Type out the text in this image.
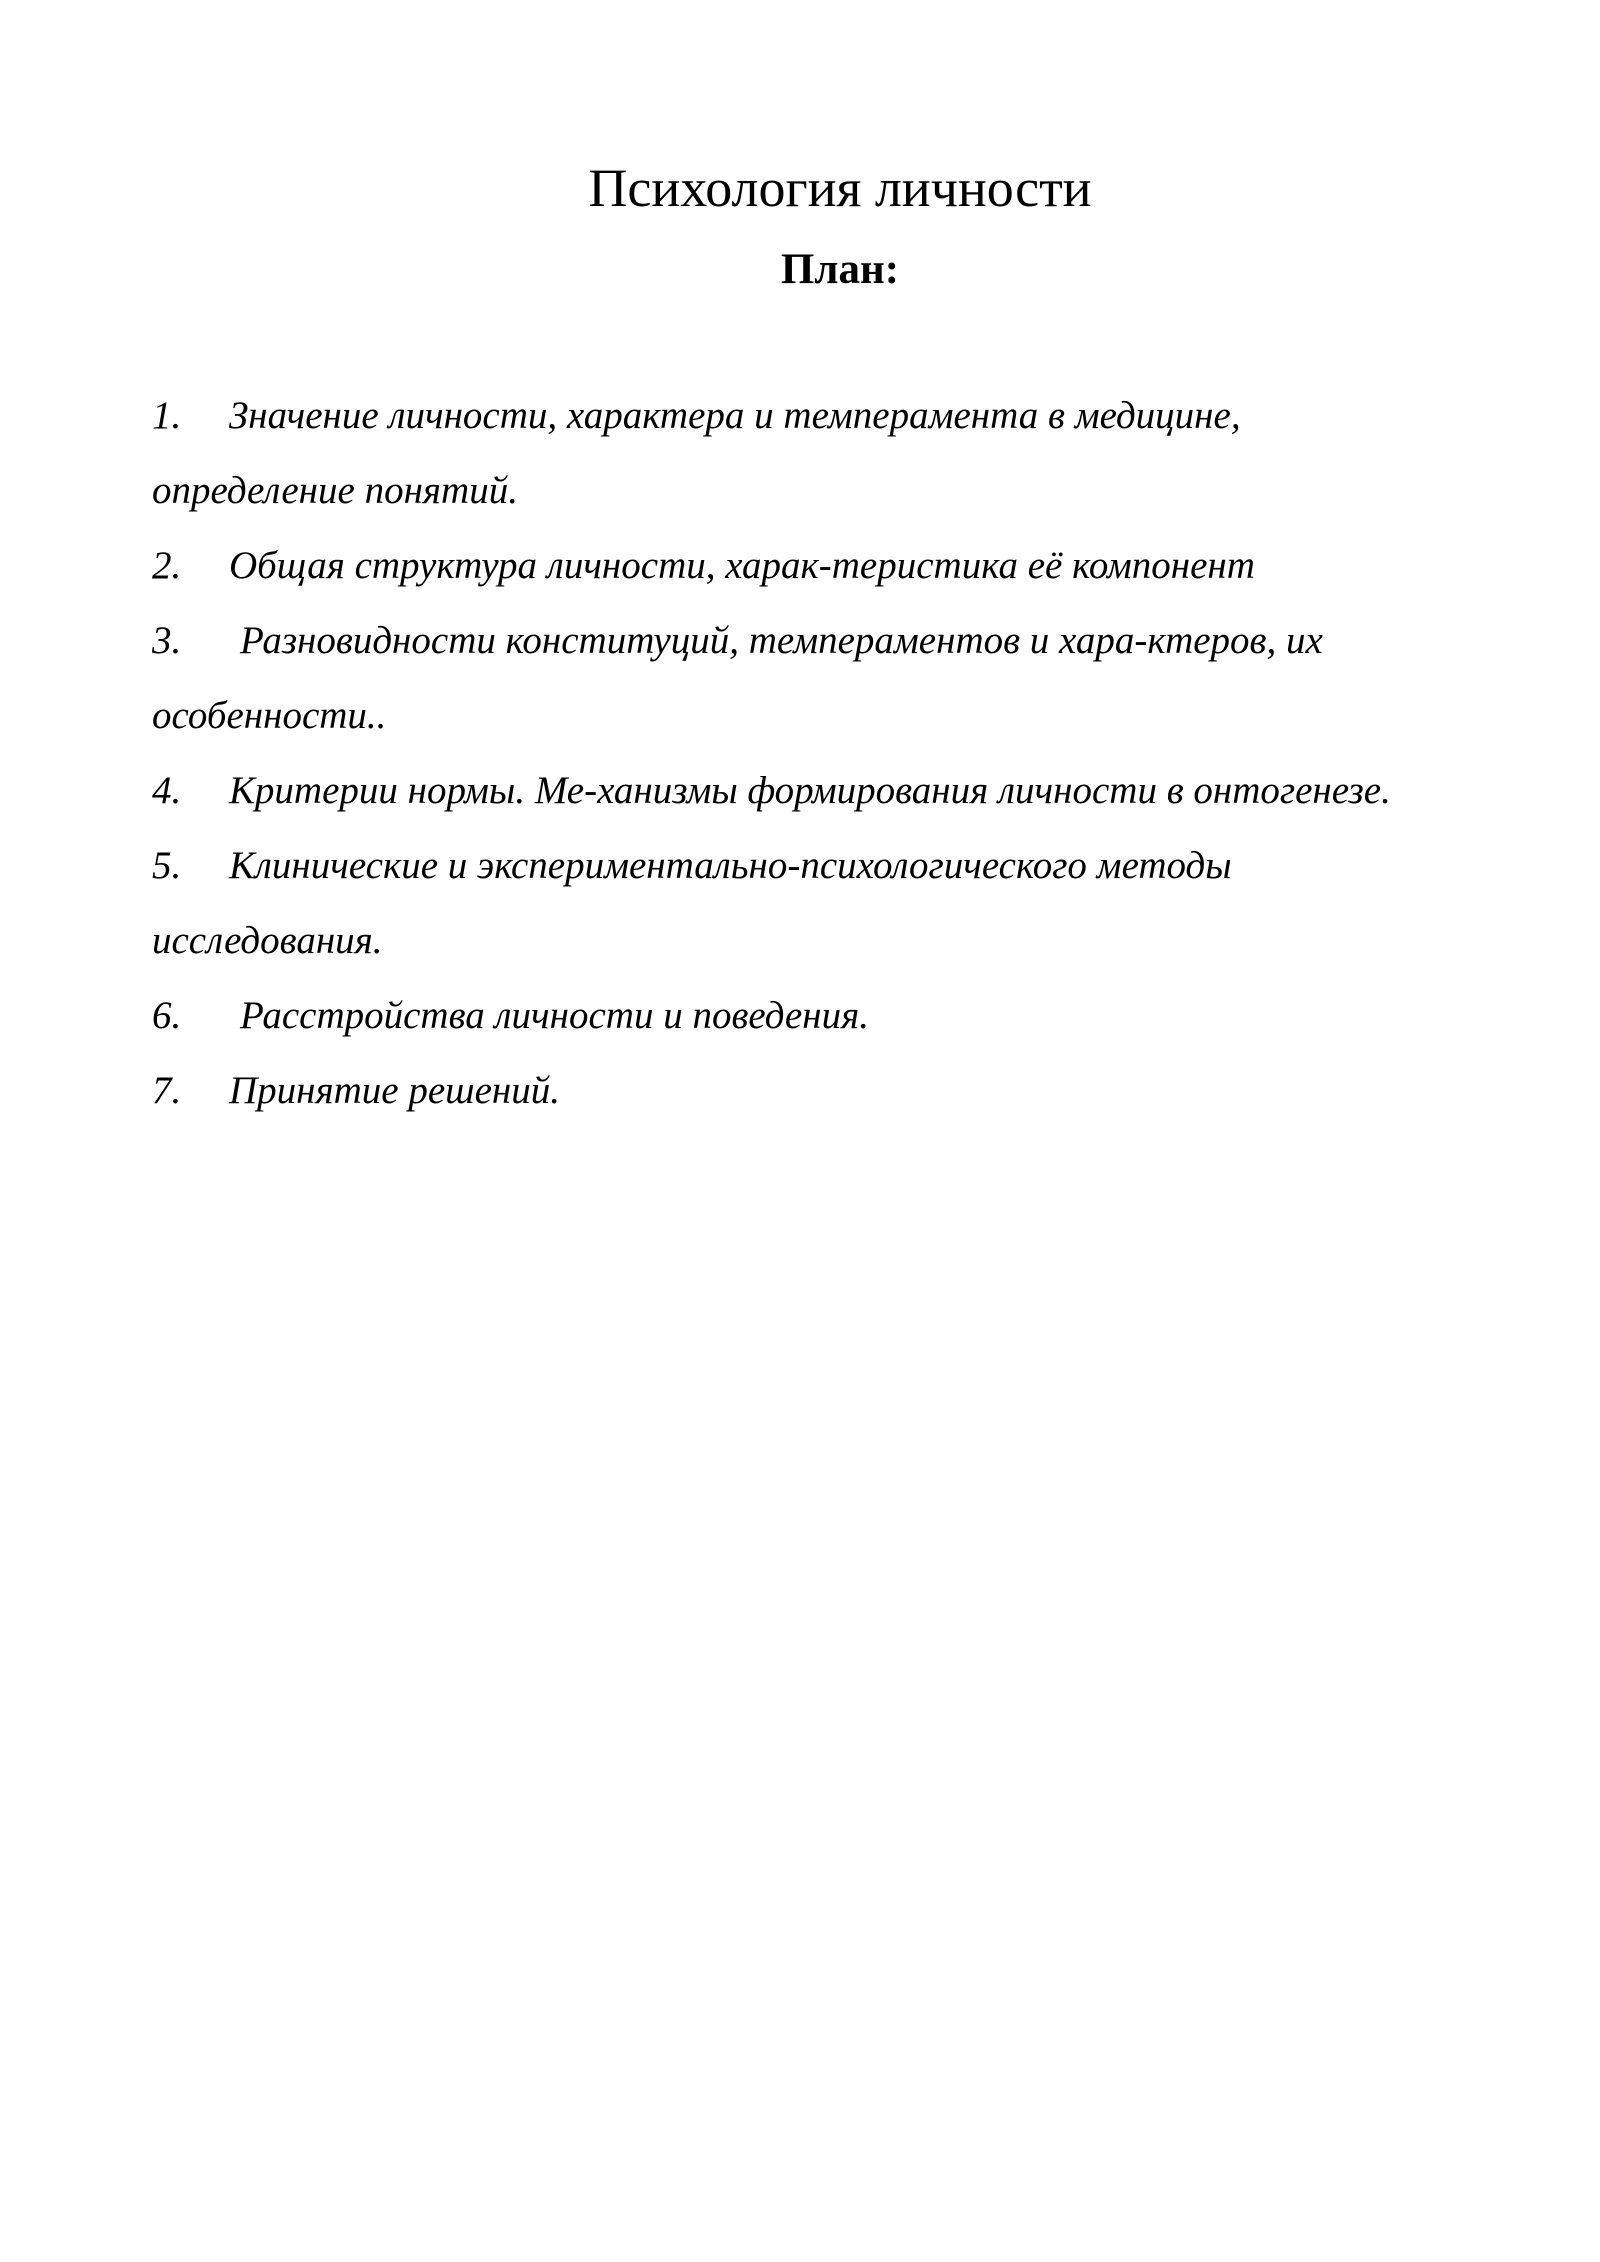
Психология личности
План:
1. Значение личности, характера и темперамента в медицине,
определение понятий.
2. Общая структура личности, харак-теристика её компонент
3. Разновидности конституций, темпераментов и хара-ктеров, их
особенности..
4. Критерии нормы. Ме-ханизмы формирования личности в онтогенезе.
5. Клинические и экспериментально-психологического методы
исследования.
6. Расстройства личности и поведения.
7. Принятие решений.
